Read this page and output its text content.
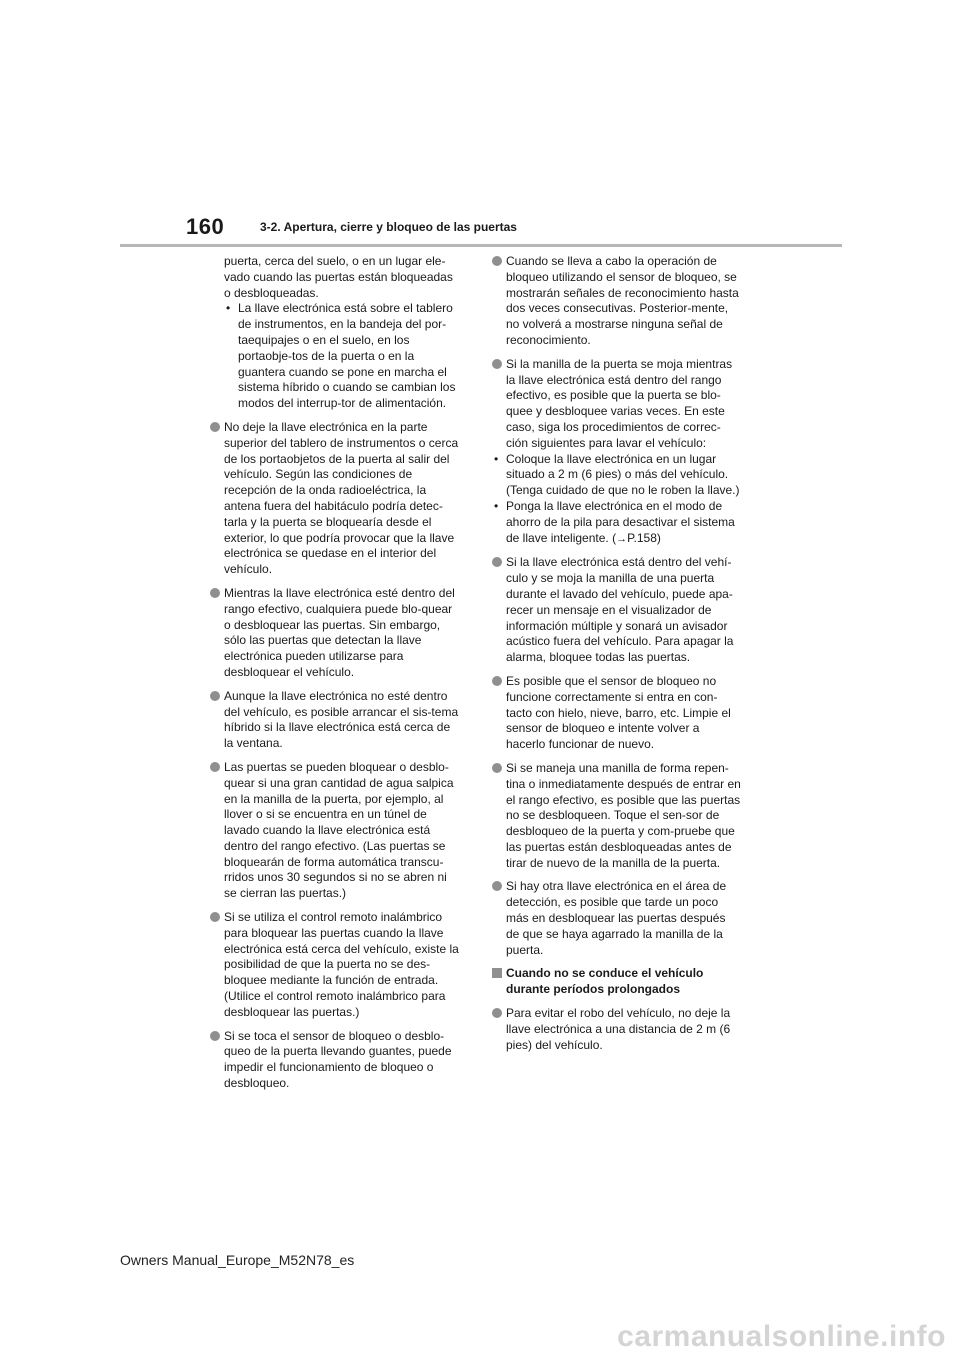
160	3-2. Apertura, cierre y bloqueo de las puertas
puerta, cerca del suelo, o en un lugar ele-
vado cuando las puertas están bloqueadas
o desbloqueadas.
• La llave electrónica está sobre el tablero de instrumentos, en la bandeja del por-taequipajes o en el suelo, en los portaobje-tos de la puerta o en la guantera cuando se pone en marcha el sistema híbrido o cuando se cambian los modos del interrup-tor de alimentación.
No deje la llave electrónica en la parte superior del tablero de instrumentos o cerca de los portaobjetos de la puerta al salir del vehículo. Según las condiciones de recepción de la onda radioeléctrica, la antena fuera del habitáculo podría detec-tarla y la puerta se bloquearía desde el exterior, lo que podría provocar que la llave electrónica se quedase en el interior del vehículo.
Mientras la llave electrónica esté dentro del rango efectivo, cualquiera puede blo-quear o desbloquear las puertas. Sin embargo, sólo las puertas que detectan la llave electrónica pueden utilizarse para desbloquear el vehículo.
Aunque la llave electrónica no esté dentro del vehículo, es posible arrancar el sis-tema híbrido si la llave electrónica está cerca de la ventana.
Las puertas se pueden bloquear o desblo-quear si una gran cantidad de agua salpica en la manilla de la puerta, por ejemplo, al llover o si se encuentra en un túnel de lavado cuando la llave electrónica está dentro del rango efectivo. (Las puertas se bloquearán de forma automática transcu-rridos unos 30 segundos si no se abren ni se cierran las puertas.)
Si se utiliza el control remoto inalámbrico para bloquear las puertas cuando la llave electrónica está cerca del vehículo, existe la posibilidad de que la puerta no se des-bloquee mediante la función de entrada. (Utilice el control remoto inalámbrico para desbloquear las puertas.)
Si se toca el sensor de bloqueo o desblo-queo de la puerta llevando guantes, puede impedir el funcionamiento de bloqueo o desbloqueo.
Cuando se lleva a cabo la operación de bloqueo utilizando el sensor de bloqueo, se mostrarán señales de reconocimiento hasta dos veces consecutivas. Posterior-mente, no volverá a mostrarse ninguna señal de reconocimiento.
Si la manilla de la puerta se moja mientras la llave electrónica está dentro del rango efectivo, es posible que la puerta se blo-quee y desbloquee varias veces. En este caso, siga los procedimientos de correc-ción siguientes para lavar el vehículo:
• Coloque la llave electrónica en un lugar situado a 2 m (6 pies) o más del vehículo. (Tenga cuidado de que no le roben la llave.)
• Ponga la llave electrónica en el modo de ahorro de la pila para desactivar el sistema de llave inteligente. (→P.158)
Si la llave electrónica está dentro del vehí-culo y se moja la manilla de una puerta durante el lavado del vehículo, puede apa-recer un mensaje en el visualizador de información múltiple y sonará un avisador acústico fuera del vehículo. Para apagar la alarma, bloquee todas las puertas.
Es posible que el sensor de bloqueo no funcione correctamente si entra en con-tacto con hielo, nieve, barro, etc. Limpie el sensor de bloqueo e intente volver a hacerlo funcionar de nuevo.
Si se maneja una manilla de forma repen-tina o inmediatamente después de entrar en el rango efectivo, es posible que las puertas no se desbloqueen. Toque el sen-sor de desbloqueo de la puerta y com-pruebe que las puertas están desbloqueadas antes de tirar de nuevo de la manilla de la puerta.
Si hay otra llave electrónica en el área de detección, es posible que tarde un poco más en desbloquear las puertas después de que se haya agarrado la manilla de la puerta.
Cuando no se conduce el vehículo durante períodos prolongados
Para evitar el robo del vehículo, no deje la llave electrónica a una distancia de 2 m (6 pies) del vehículo.
Owners Manual_Europe_M52N78_es
carmanualsonline.info
